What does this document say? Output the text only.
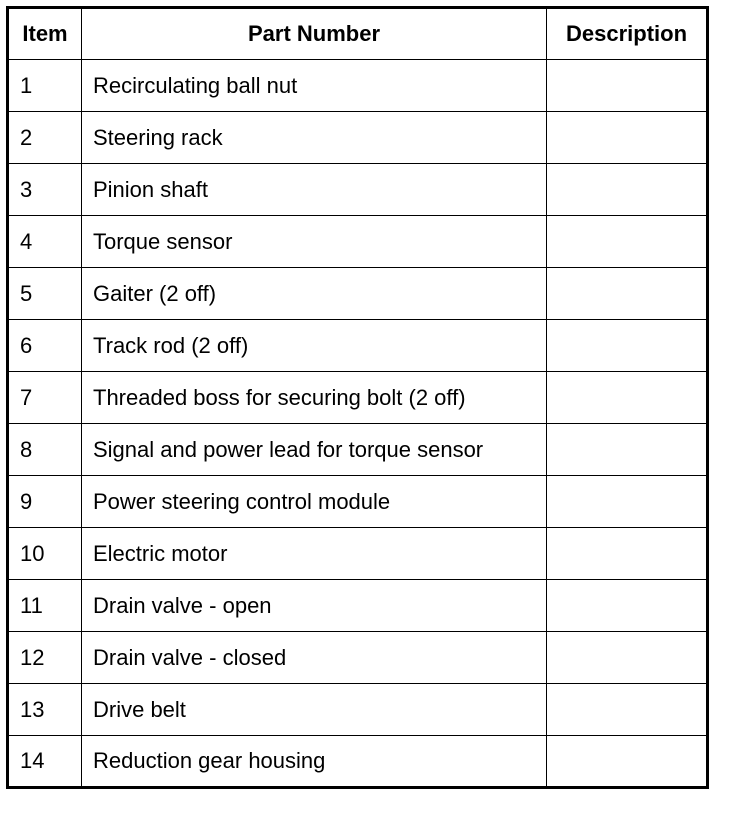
Item	Part Number	Description
1	Recirculating ball nut	
2	Steering rack	
3	Pinion shaft	
4	Torque sensor	
5	Gaiter (2 off)	
6	Track rod (2 off)	
7	Threaded boss for securing bolt (2 off)	
8	Signal and power lead for torque sensor	
9	Power steering control module	
10	Electric motor	
11	Drain valve - open	
12	Drain valve - closed	
13	Drive belt	
14	Reduction gear housing	
